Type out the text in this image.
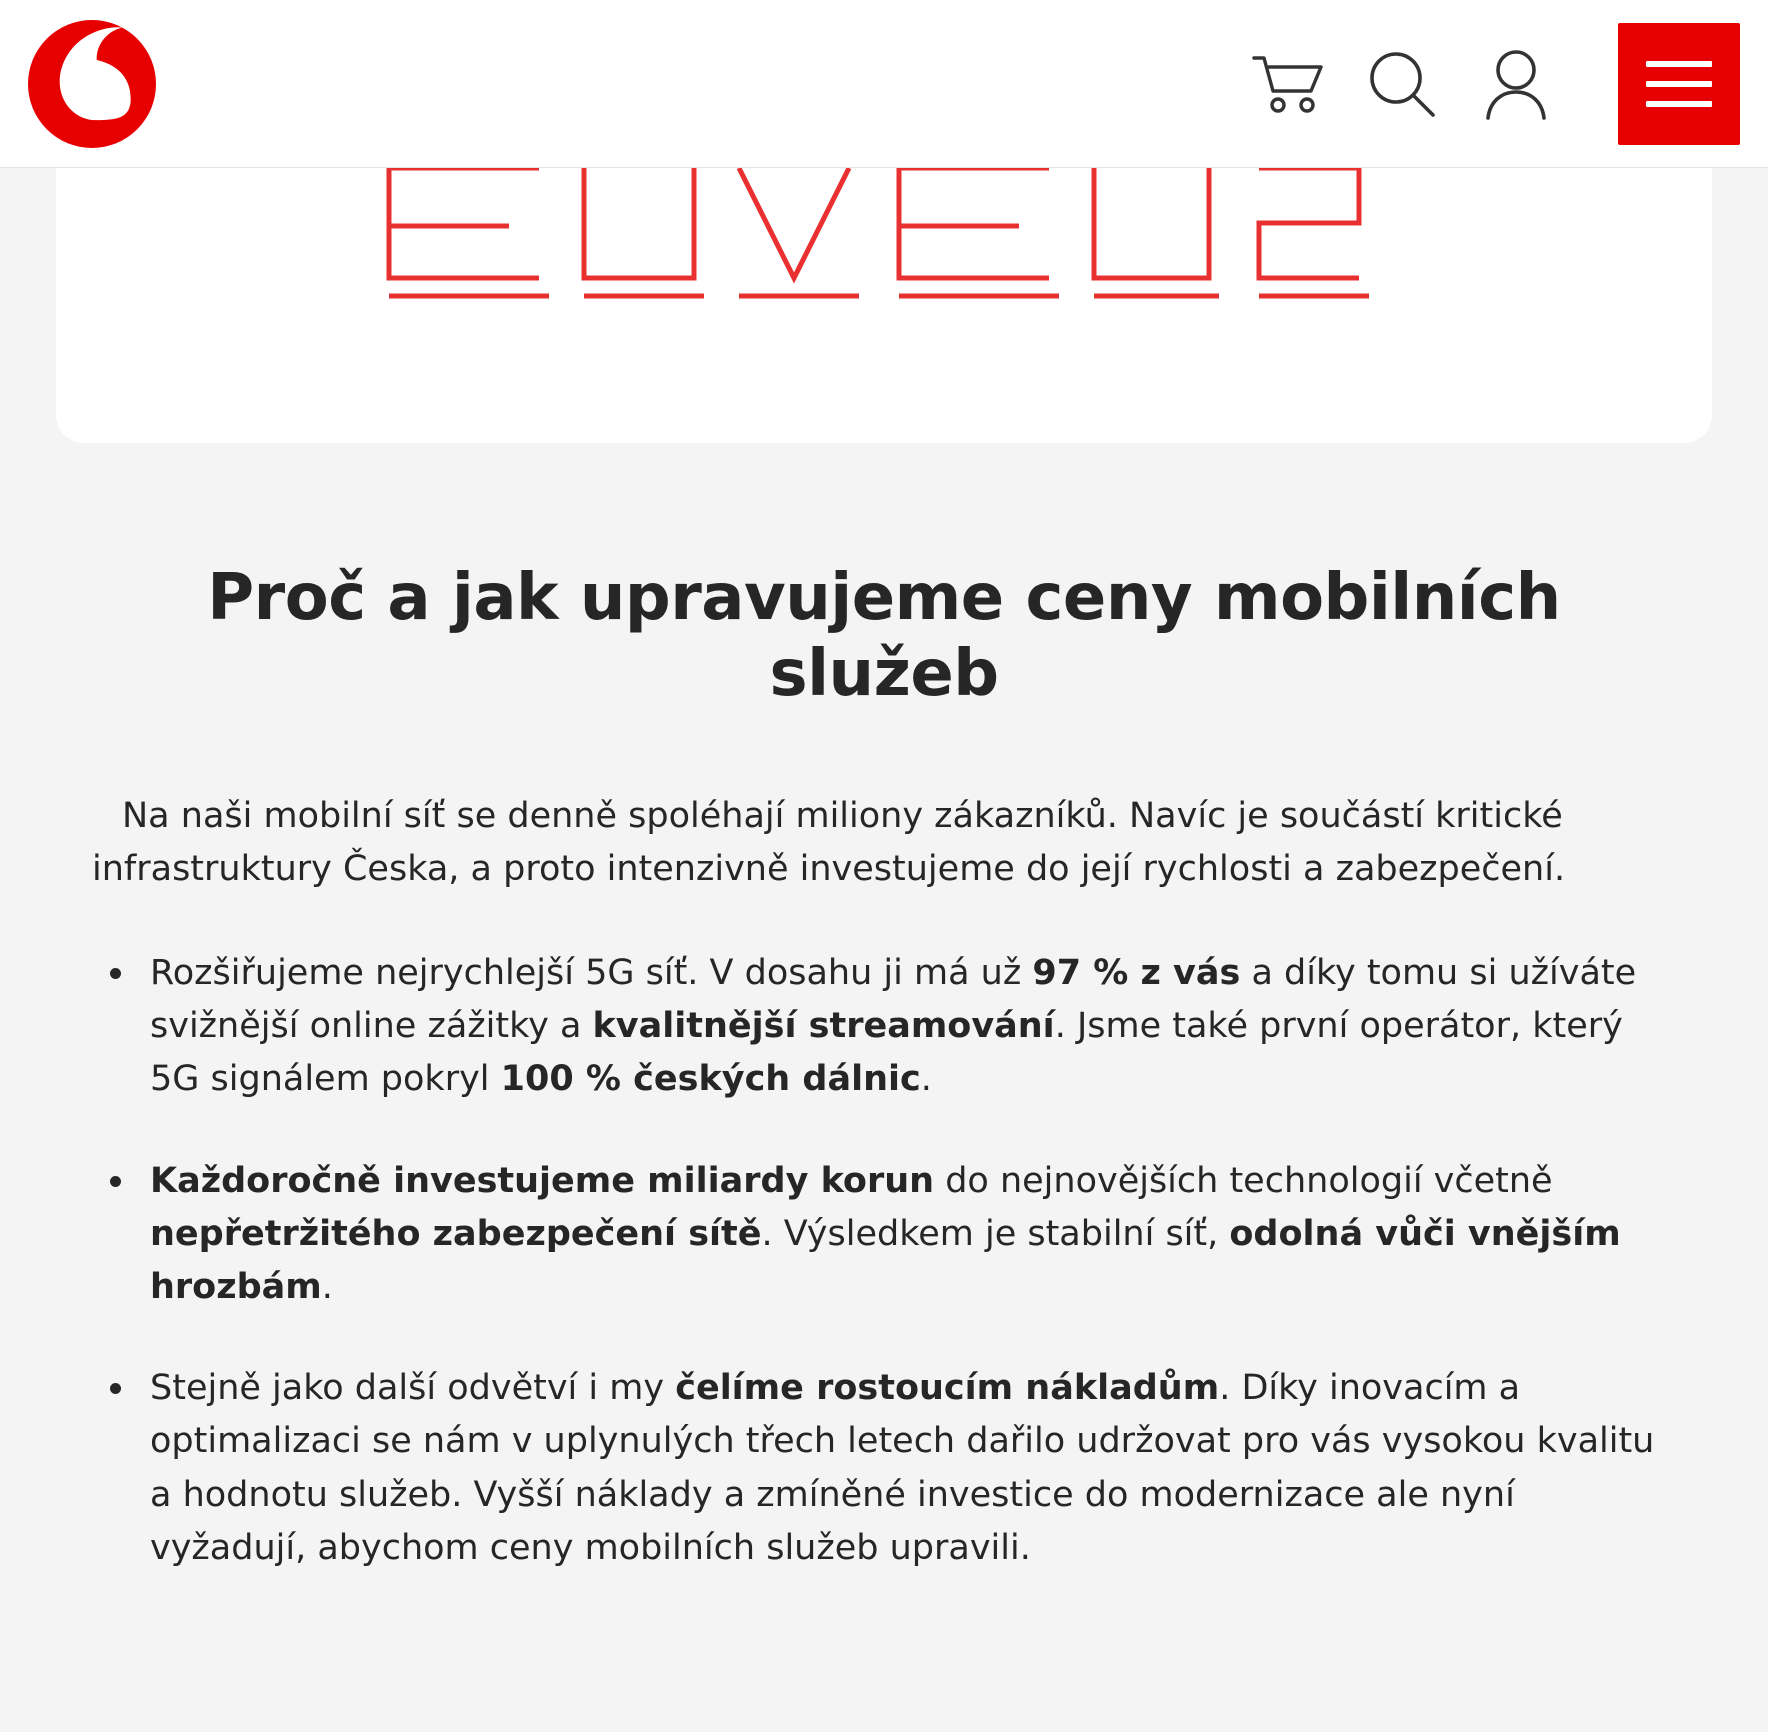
Proč a jak upravujeme ceny mobilních služeb

Na naši mobilní síť se denně spoléhají miliony zákazníků. Navíc je součástí kritické infrastruktury Česka, a proto intenzivně investujeme do její rychlosti a zabezpečení.

Rozšiřujeme nejrychlejší 5G síť. V dosahu ji má už 97 % z vás a díky tomu si užíváte svižnější online zážitky a kvalitnější streamování. Jsme také první operátor, který 5G signálem pokryl 100 % českých dálnic.
Každoročně investujeme miliardy korun do nejnovějších technologií včetně nepřetržitého zabezpečení sítě. Výsledkem je stabilní síť, odolná vůči vnějším hrozbám.
Stejně jako další odvětví i my čelíme rostoucím nákladům. Díky inovacím a optimalizaci se nám v uplynulých třech letech dařilo udržovat pro vás vysokou kvalitu a hodnotu služeb. Vyšší náklady a zmíněné investice do modernizace ale nyní vyžadují, abychom ceny mobilních služeb upravili.
